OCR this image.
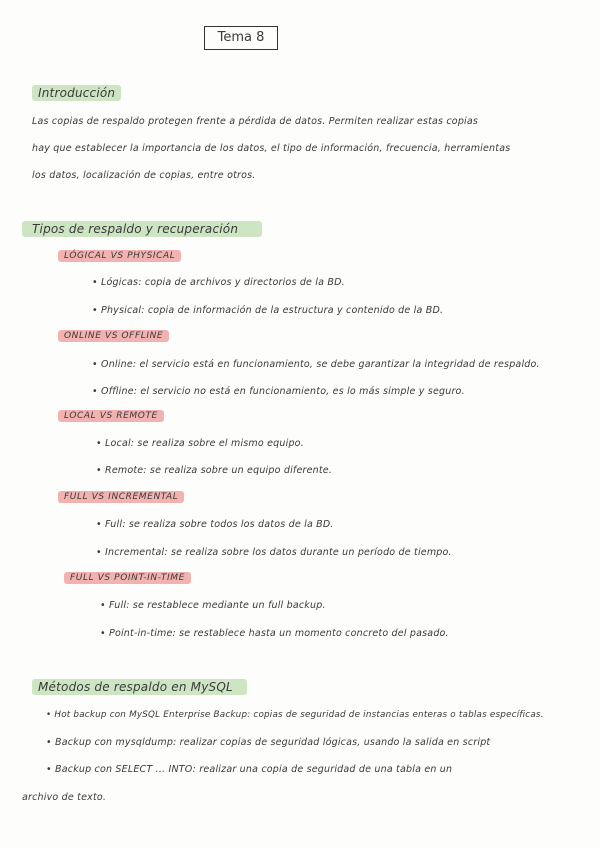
Tema 8
Introducción
Las copias de respaldo protegen frente a pérdida de datos. Permiten realizar estas copias
hay que establecer la importancia de los datos, el tipo de información, frecuencia, herramientas
los datos, localización de copias, entre otros.
Tipos de respaldo y recuperación
LÓGICAL VS PHYSICAL
• Lógicas: copia de archivos y directorios de la BD.
• Physical: copia de información de la estructura y contenido de la BD.
ONLINE VS OFFLINE
• Online: el servicio está en funcionamiento, se debe garantizar la integridad de respaldo.
• Offline: el servicio no está en funcionamiento, es lo más simple y seguro.
LOCAL VS REMOTE
• Local: se realiza sobre el mismo equipo.
• Remote: se realiza sobre un equipo diferente.
FULL VS INCREMENTAL
• Full: se realiza sobre todos los datos de la BD.
• Incremental: se realiza sobre los datos durante un período de tiempo.
FULL VS POINT-IN-TIME
• Full: se restablece mediante un full backup.
• Point-in-time: se restablece hasta un momento concreto del pasado.
Métodos de respaldo en MySQL
• Hot backup con MySQL Enterprise Backup: copias de seguridad de instancias enteras o tablas específicas.
• Backup con mysqldump: realizar copias de seguridad lógicas, usando la salida en script
• Backup con SELECT ... INTO: realizar una copia de seguridad de una tabla en un
archivo de texto.
